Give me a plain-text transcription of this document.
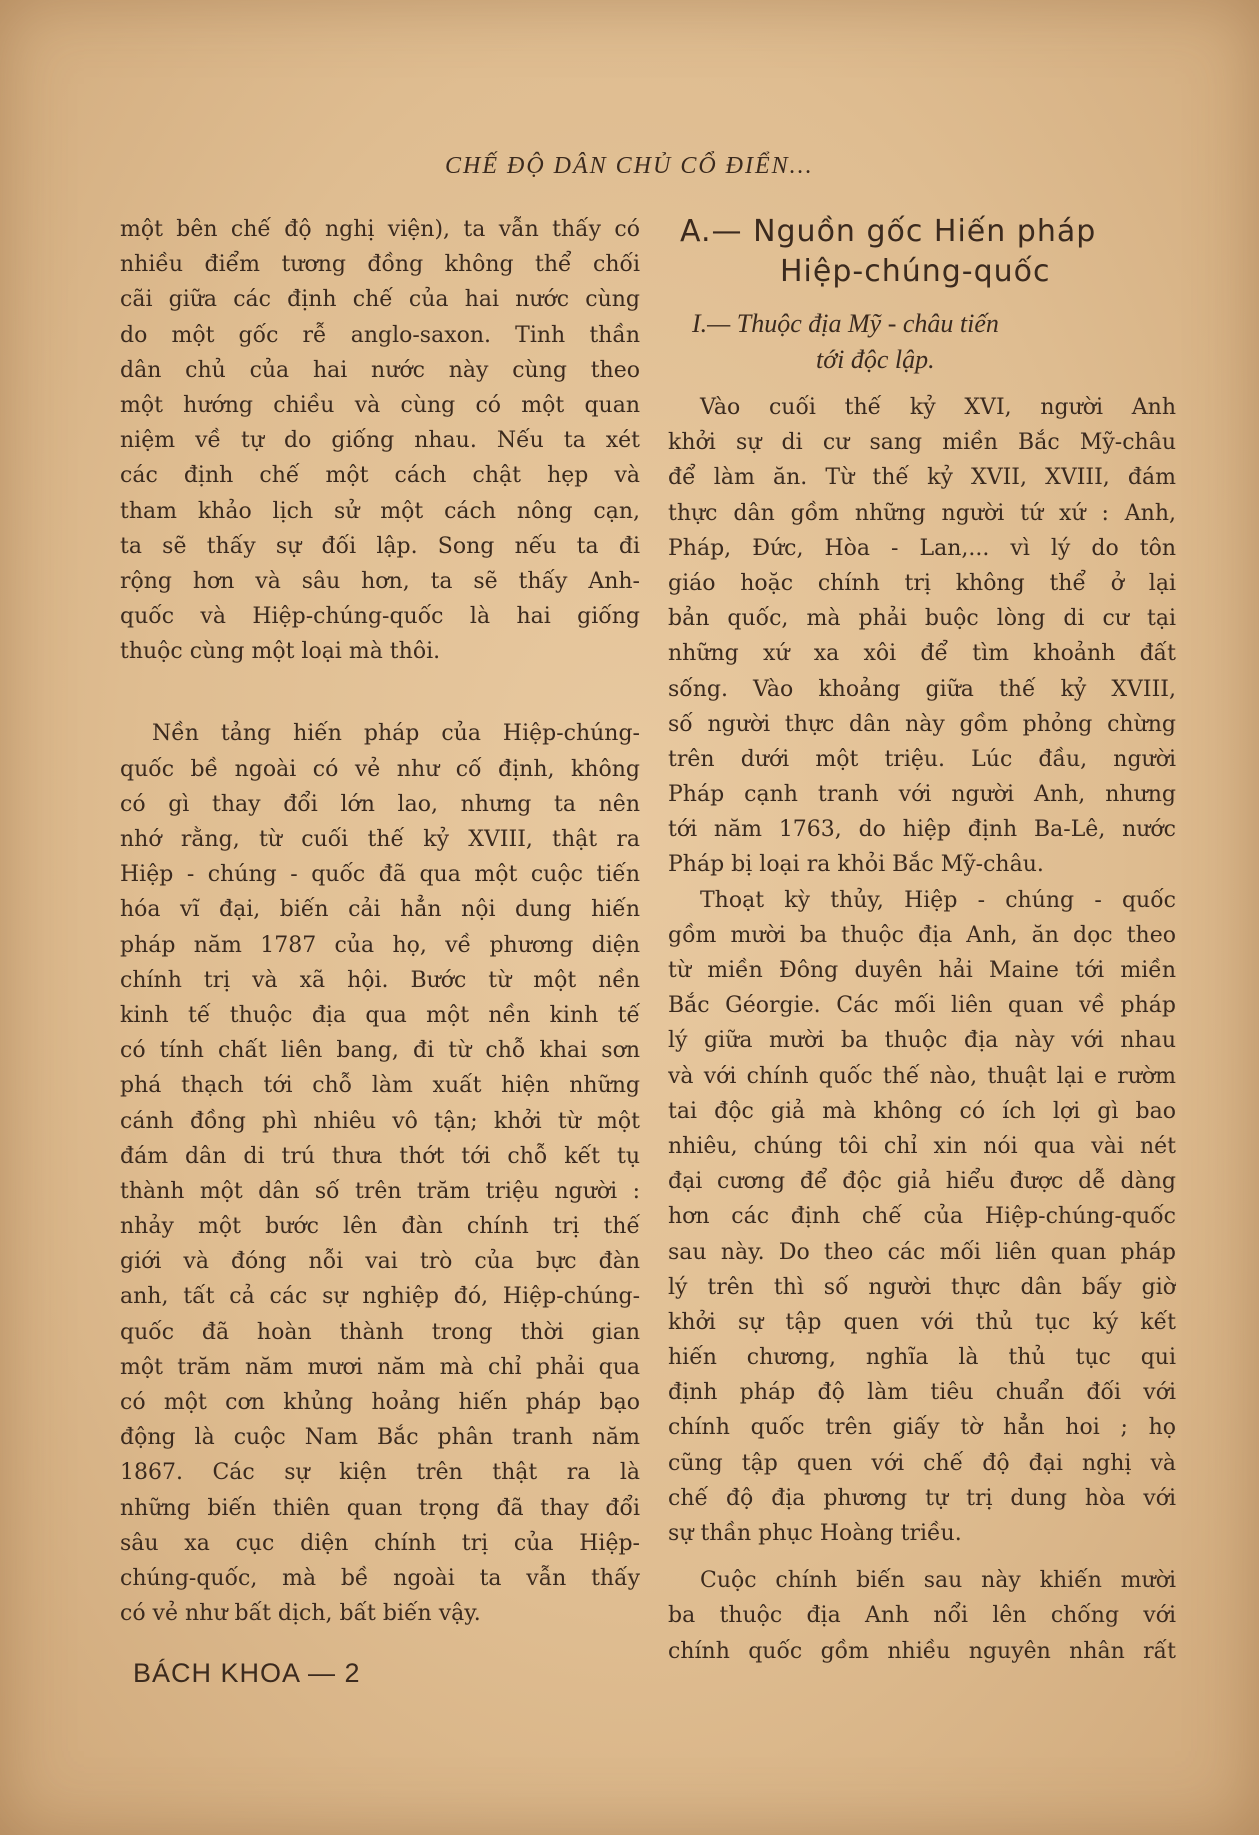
CHẾ ĐỘ DÂN CHỦ CỔ ĐIỂN...
một bên chế độ nghị viện), ta vẫn thấy có
nhiều điểm tương đồng không thể chối
cãi giữa các định chế của hai nước cùng
do một gốc rễ anglo-saxon. Tinh thần
dân chủ của hai nước này cùng theo
một hướng chiều và cùng có một quan
niệm về tự do giống nhau. Nếu ta xét
các định chế một cách chật hẹp và
tham khảo lịch sử một cách nông cạn,
ta sẽ thấy sự đối lập. Song nếu ta đi
rộng hơn và sâu hơn, ta sẽ thấy Anh-
quốc và Hiệp-chúng-quốc là hai giống
thuộc cùng một loại mà thôi.
Nền tảng hiến pháp của Hiệp-chúng-
quốc bề ngoài có vẻ như cố định, không
có gì thay đổi lớn lao, nhưng ta nên
nhớ rằng, từ cuối thế kỷ XVIII, thật ra
Hiệp - chúng - quốc đã qua một cuộc tiến
hóa vĩ đại, biến cải hẳn nội dung hiến
pháp năm 1787 của họ, về phương diện
chính trị và xã hội. Bước từ một nền
kinh tế thuộc địa qua một nền kinh tế
có tính chất liên bang, đi từ chỗ khai sơn
phá thạch tới chỗ làm xuất hiện những
cánh đồng phì nhiêu vô tận; khởi từ một
đám dân di trú thưa thớt tới chỗ kết tụ
thành một dân số trên trăm triệu người :
nhảy một bước lên đàn chính trị thế
giới và đóng nỗi vai trò của bực đàn
anh, tất cả các sự nghiệp đó, Hiệp-chúng-
quốc đã hoàn thành trong thời gian
một trăm năm mươi năm mà chỉ phải qua
có một cơn khủng hoảng hiến pháp bạo
động là cuộc Nam Bắc phân tranh năm
1867. Các sự kiện trên thật ra là
những biến thiên quan trọng đã thay đổi
sâu xa cục diện chính trị của Hiệp-
chúng-quốc, mà bề ngoài ta vẫn thấy
có vẻ như bất dịch, bất biến vậy.
A.— Nguồn gốc Hiến pháp
Hiệp-chúng-quốc
I.— Thuộc địa Mỹ - châu tiến
tới độc lập.
Vào cuối thế kỷ XVI, người Anh
khởi sự di cư sang miền Bắc Mỹ-châu
để làm ăn. Từ thế kỷ XVII, XVIII, đám
thực dân gồm những người tứ xứ : Anh,
Pháp, Đức, Hòa - Lan,... vì lý do tôn
giáo hoặc chính trị không thể ở lại
bản quốc, mà phải buộc lòng di cư tại
những xứ xa xôi để tìm khoảnh đất
sống. Vào khoảng giữa thế kỷ XVIII,
số người thực dân này gồm phỏng chừng
trên dưới một triệu. Lúc đầu, người
Pháp cạnh tranh với người Anh, nhưng
tới năm 1763, do hiệp định Ba-Lê, nước
Pháp bị loại ra khỏi Bắc Mỹ-châu.
Thoạt kỳ thủy, Hiệp - chúng - quốc
gồm mười ba thuộc địa Anh, ăn dọc theo
từ miền Đông duyên hải Maine tới miền
Bắc Géorgie. Các mối liên quan về pháp
lý giữa mười ba thuộc địa này với nhau
và với chính quốc thế nào, thuật lại e rườm
tai độc giả mà không có ích lợi gì bao
nhiêu, chúng tôi chỉ xin nói qua vài nét
đại cương để độc giả hiểu được dễ dàng
hơn các định chế của Hiệp-chúng-quốc
sau này. Do theo các mối liên quan pháp
lý trên thì số người thực dân bấy giờ
khởi sự tập quen với thủ tục ký kết
hiến chương, nghĩa là thủ tục qui
định pháp độ làm tiêu chuẩn đối với
chính quốc trên giấy tờ hẳn hoi ; họ
cũng tập quen với chế độ đại nghị và
chế độ địa phương tự trị dung hòa với
sự thần phục Hoàng triều.
Cuộc chính biến sau này khiến mười
ba thuộc địa Anh nổi lên chống với
chính quốc gồm nhiều nguyên nhân rất
BÁCH KHOA — 2
